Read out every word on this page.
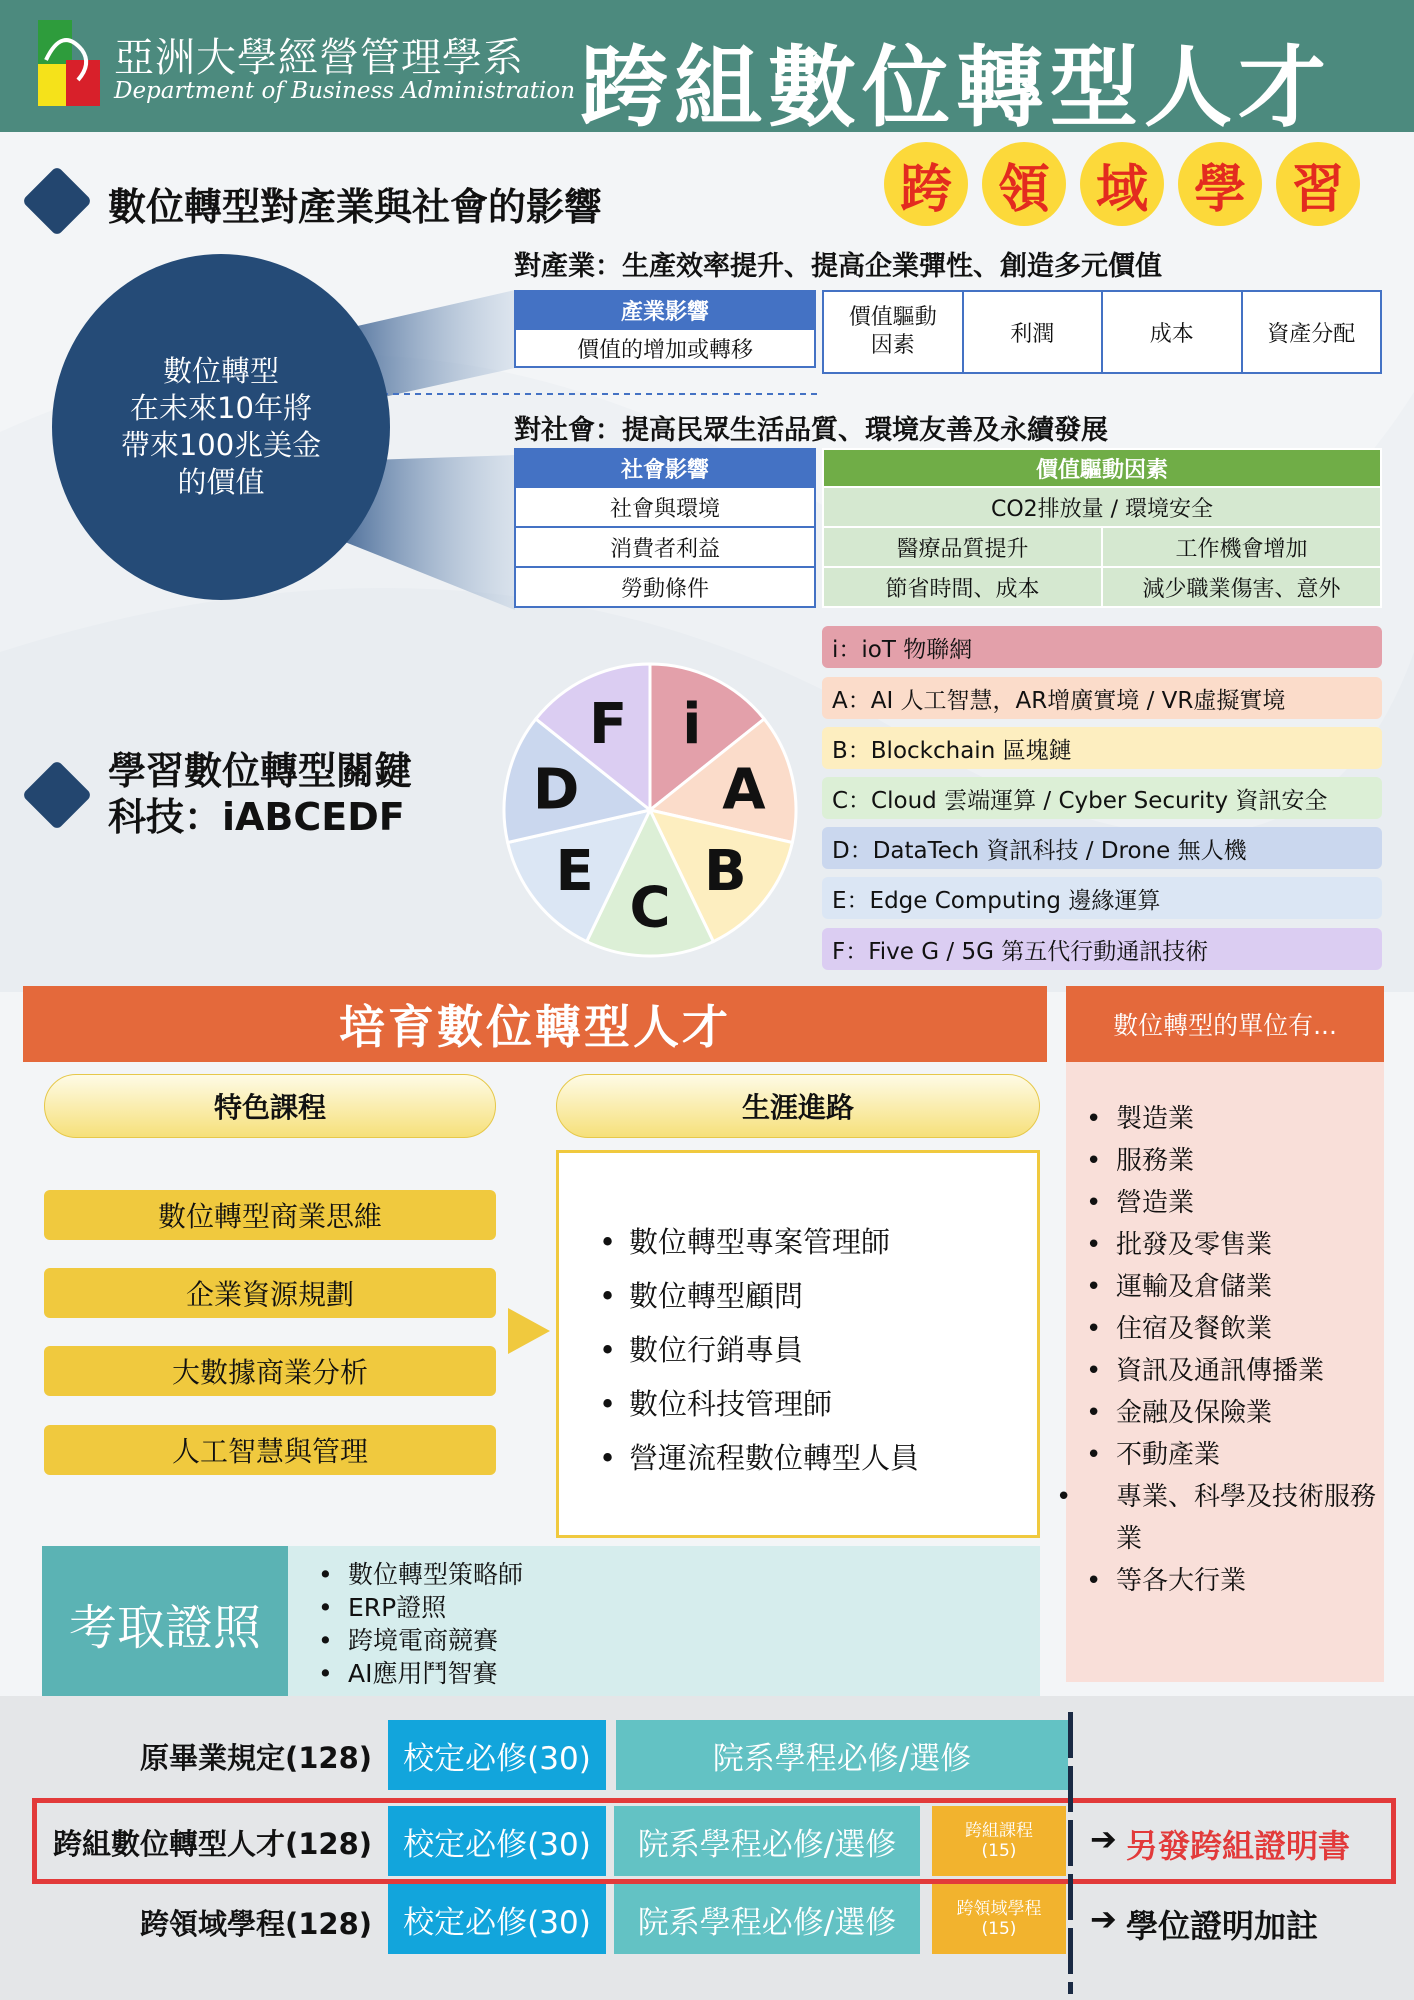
亞洲大學經營管理學系
Department of Business Administration 跨組數位轉型人才
數位轉型對產業與社會的影響	跨 領 域 學 習
數位轉型
在未來10年將
帶來100兆美金
的價值
對產業：生產效率提升、提高企業彈性、創造多元價值
產業影響
價值的增加或轉移
價值驅動
因素	利潤	成本	資產分配
對社會：提高民眾生活品質、環境友善及永續發展
社會影響
社會與環境
消費者利益
勞動條件
價值驅動因素	
CO2排放量 / 環境安全	
醫療品質提升	工作機會增加
節省時間、成本	減少職業傷害、意外
學習數位轉型關鍵
科技：iABCEDF
i
A
B
C
E
D
F
i：ioT 物聯網
A：AI 人工智慧，AR增廣實境 / VR虛擬實境
B：Blockchain 區塊鏈
C：Cloud 雲端運算 / Cyber Security 資訊安全
D：DataTech 資訊科技 / Drone 無人機
E：Edge Computing 邊緣運算
F：Five G / 5G 第五代行動通訊技術
培育數位轉型人才	數位轉型的單位有...
• 製造業
• 服務業
• 營造業
• 批發及零售業
• 運輸及倉儲業
• 住宿及餐飲業
• 資訊及通訊傳播業
• 金融及保險業
• 不動產業
• 專業、科學及技術服務業
• 等各大行業
特色課程	生涯進路
數位轉型商業思維
企業資源規劃
大數據商業分析
人工智慧與管理
• 數位轉型專案管理師
• 數位轉型顧問
• 數位行銷專員
• 數位科技管理師
• 營運流程數位轉型人員
考取證照
• 數位轉型策略師
• ERP證照
• 跨境電商競賽
• AI應用鬥智賽
原畢業規定(128)	校定必修(30)	院系學程必修/選修
跨組數位轉型人才(128)	校定必修(30)	院系學程必修/選修	跨組課程
(15)	➔ 另發跨組證明書
跨領域學程(128)	校定必修(30)	院系學程必修/選修	跨領域學程
(15)	➔ 學位證明加註
